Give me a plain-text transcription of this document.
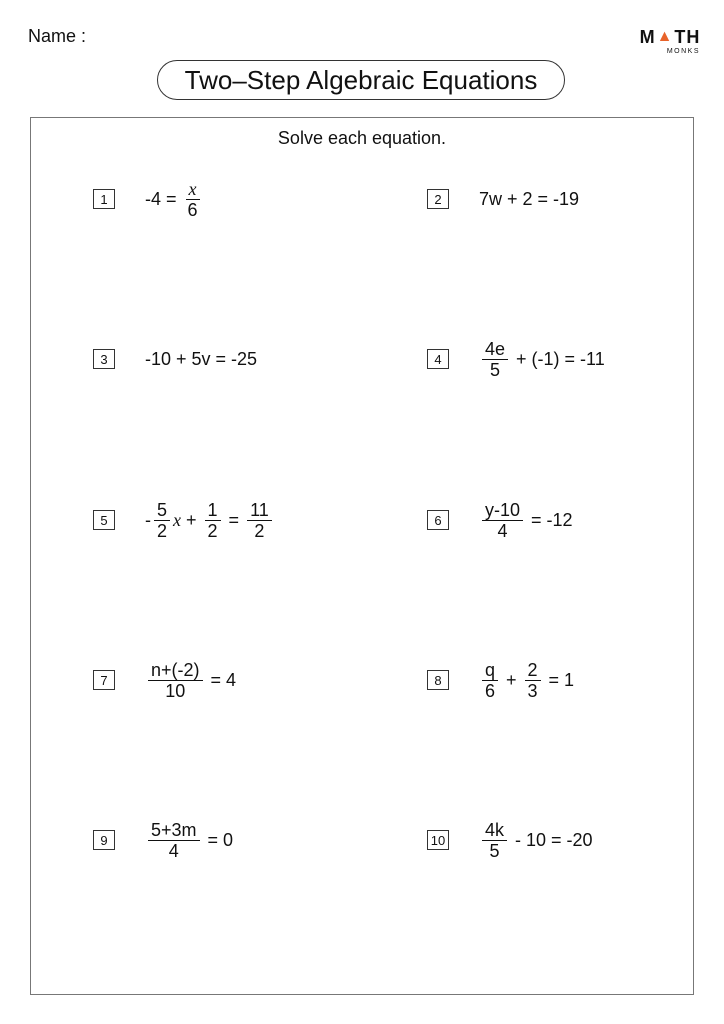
Name :	M ▲ TH
MONKS
Two–Step Algebraic Equations
Solve each equation.
1	$-4 = \frac{x}{6}$	2	7w + 2 = -19
3	-10 + 5v = -25	4	$\frac{4e}{5} + (-1) = -11$
5	- $\frac{5}{2}$ $x + \frac{1}{2} = \frac{11}{2}$	6	$\frac{y-10}{4} = -12$
7	$\frac{n+(-2)}{10} = 4$	8	$\frac{q}{6} + \frac{2}{3} = 1$
9	$\frac{5+3m}{4} = 0$	$10 \frac{4k}{5} - 10 = -20$
